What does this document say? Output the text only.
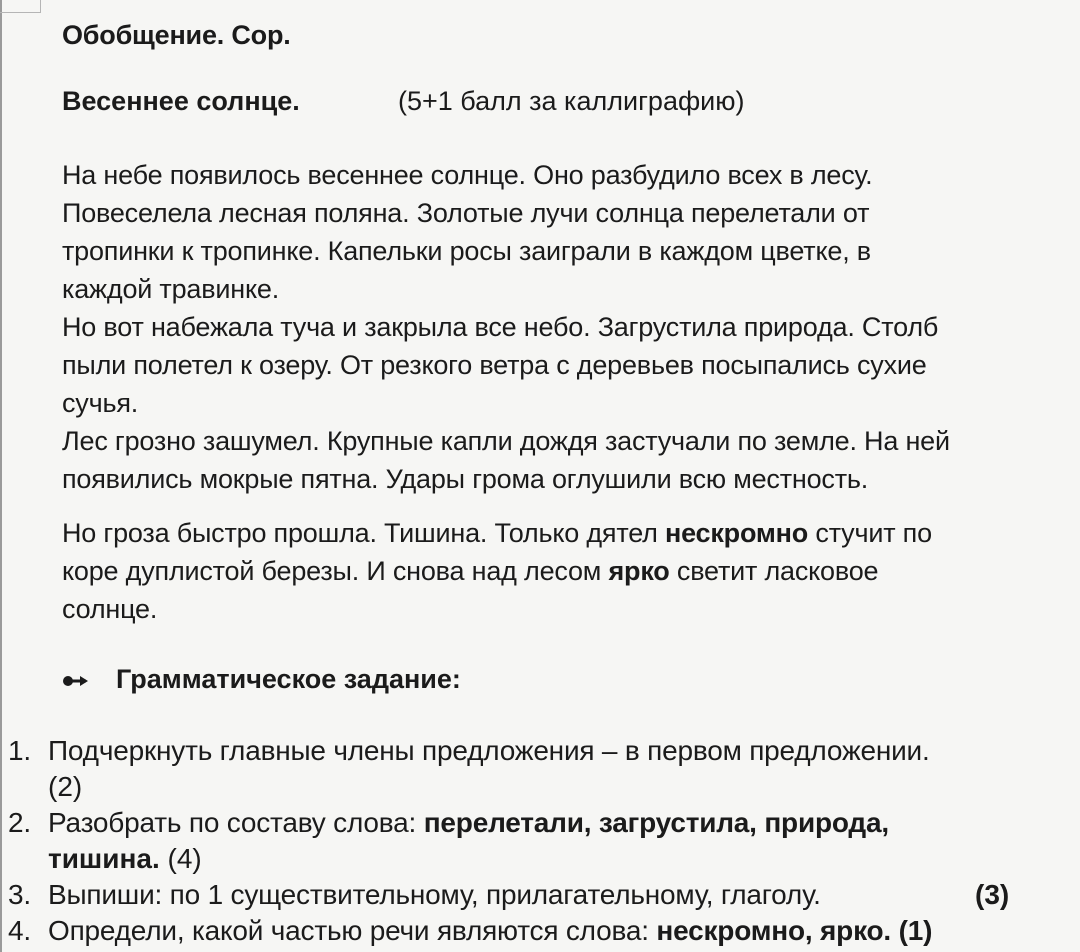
Обобщение. Сор.
Весеннее солнце.	(5+1 балл за каллиграфию)
На небе появилось весеннее солнце. Оно разбудило всех в лесу.
Повеселела лесная поляна. Золотые лучи солнца перелетали от
тропинки к тропинке. Капельки росы заиграли в каждом цветке, в
каждой травинке.
Но вот набежала туча и закрыла все небо. Загрустила природа. Столб
пыли полетел к озеру. От резкого ветра с деревьев посыпались сухие
сучья.
Лес грозно зашумел. Крупные капли дождя застучали по земле. На ней
появились мокрые пятна. Удары грома оглушили всю местность.
Но гроза быстро прошла. Тишина. Только дятел нескромно стучит по
коре дуплистой березы. И снова над лесом ярко светит ласковое
солнце.
Грамматическое задание:
1. Подчеркнуть главные члены предложения – в первом предложении.
(2)
2. Разобрать по составу слова: перелетали, загрустила, природа,
тишина. (4)
3. Выпиши: по 1 существительному, прилагательному, глаголу.	(3)
4. Определи, какой частью речи являются слова: нескромно, ярко. (1)
